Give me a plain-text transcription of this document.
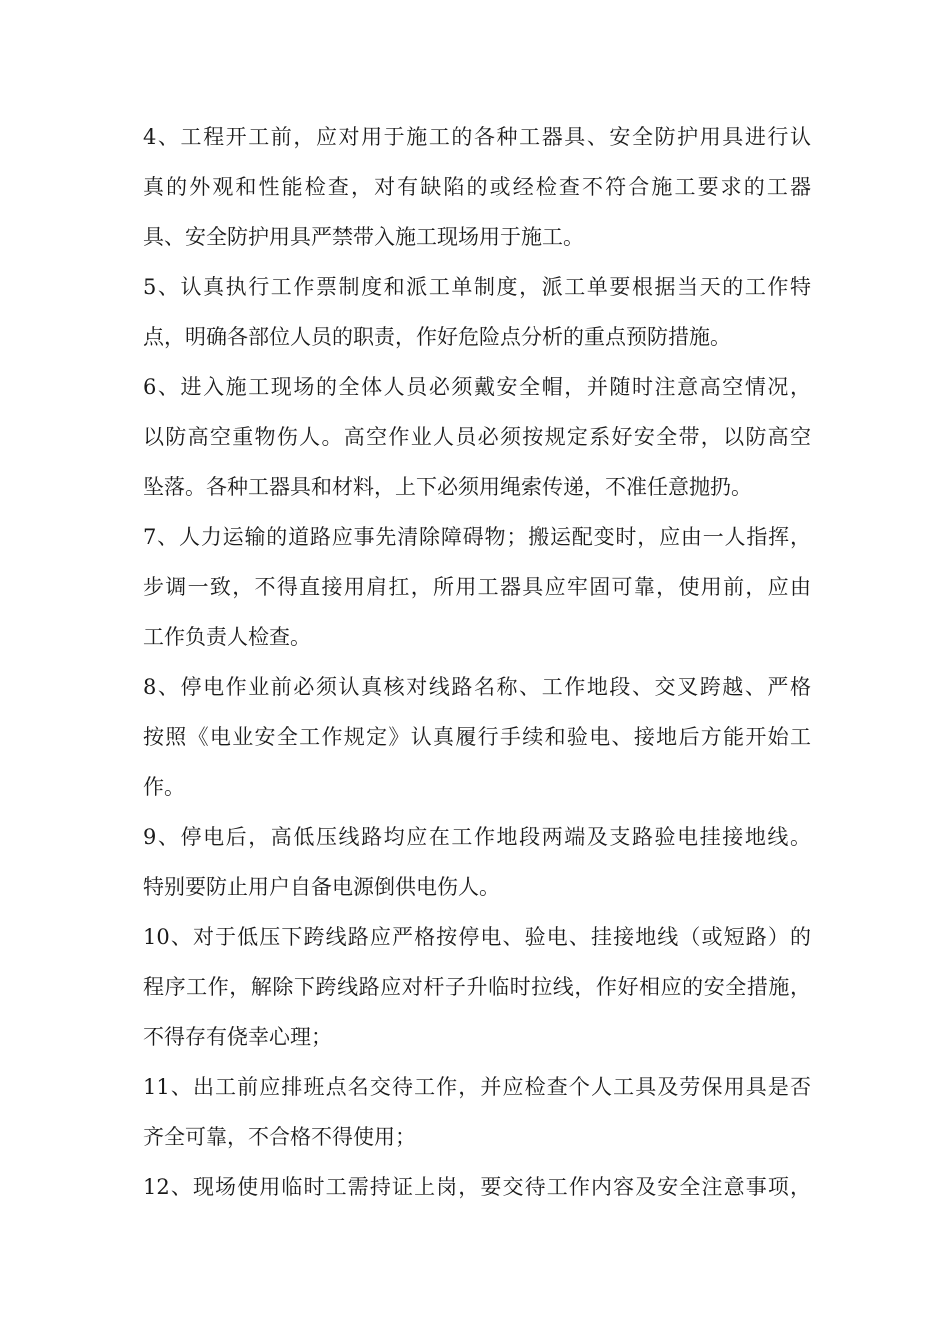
4、工程开工前，应对用于施工的各种工器具、安全防护用具进行认
真的外观和性能检查，对有缺陷的或经检查不符合施工要求的工器
具、安全防护用具严禁带入施工现场用于施工。
5、认真执行工作票制度和派工单制度，派工单要根据当天的工作特
点，明确各部位人员的职责，作好危险点分析的重点预防措施。
6、进入施工现场的全体人员必须戴安全帽，并随时注意高空情况，
以防高空重物伤人。高空作业人员必须按规定系好安全带，以防高空
坠落。各种工器具和材料，上下必须用绳索传递，不准任意抛扔。
7、人力运输的道路应事先清除障碍物；搬运配变时，应由一人指挥，
步调一致，不得直接用肩扛，所用工器具应牢固可靠，使用前，应由
工作负责人检查。
8、停电作业前必须认真核对线路名称、工作地段、交叉跨越、严格
按照《电业安全工作规定》认真履行手续和验电、接地后方能开始工
作。
9、停电后，高低压线路均应在工作地段两端及支路验电挂接地线。
特别要防止用户自备电源倒供电伤人。
10、对于低压下跨线路应严格按停电、验电、挂接地线（或短路）的
程序工作，解除下跨线路应对杆子升临时拉线，作好相应的安全措施，
不得存有侥幸心理；
11、出工前应排班点名交待工作，并应检查个人工具及劳保用具是否
齐全可靠，不合格不得使用；
12、现场使用临时工需持证上岗，要交待工作内容及安全注意事项，
